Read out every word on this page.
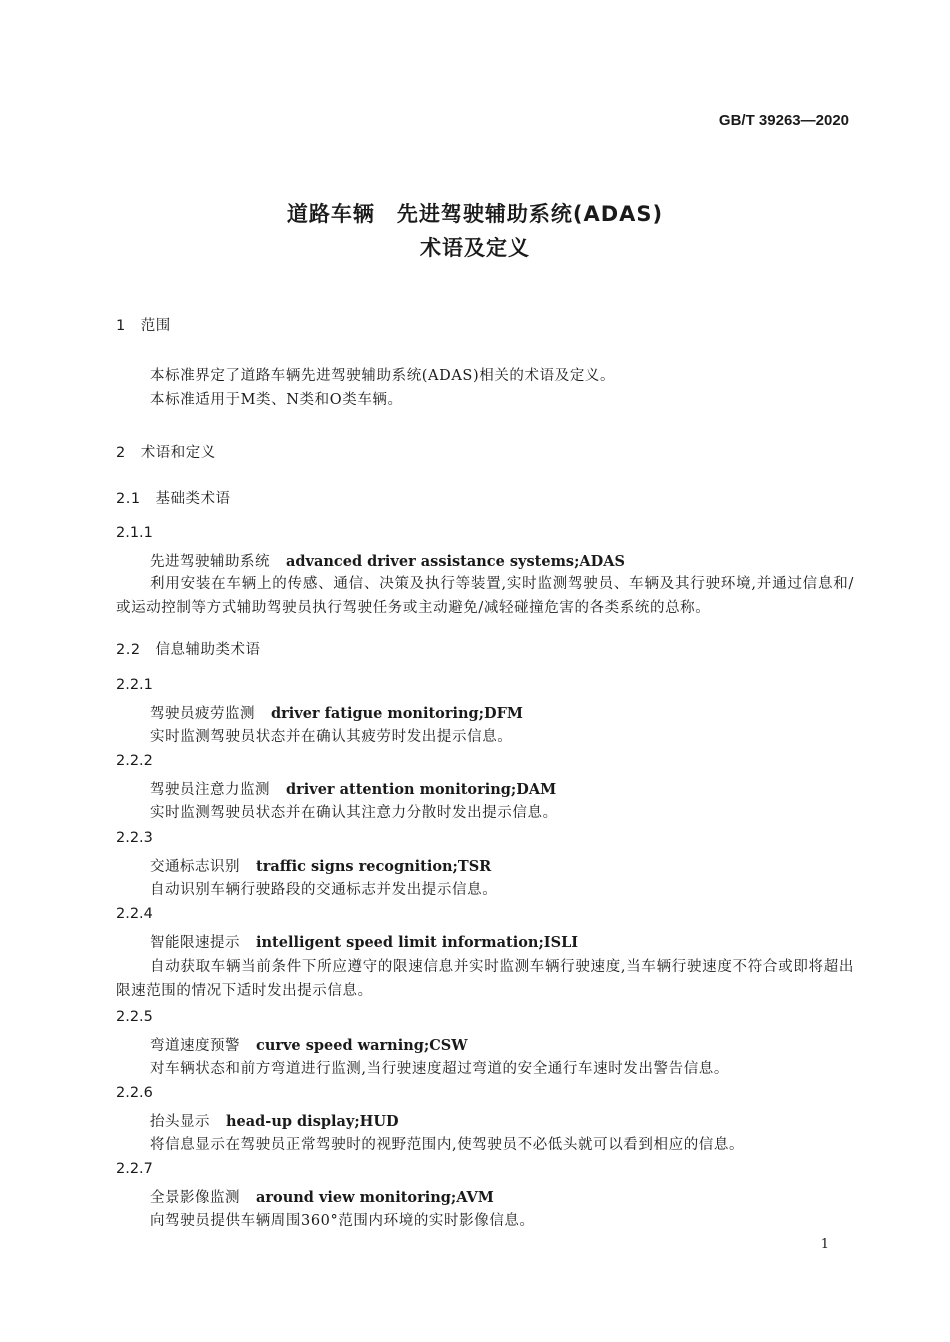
GB/T 39263—2020
道路车辆　先进驾驶辅助系统(ADAS)
术语及定义
1　范围
本标准界定了道路车辆先进驾驶辅助系统(ADAS)相关的术语及定义。
本标准适用于M类、N类和O类车辆。
2　术语和定义
2.1　基础类术语
2.1.1
先进驾驶辅助系统 advanced driver assistance systems;ADAS
利用安装在车辆上的传感、通信、决策及执行等装置,实时监测驾驶员、车辆及其行驶环境,并通过信息和/或运动控制等方式辅助驾驶员执行驾驶任务或主动避免/减轻碰撞危害的各类系统的总称。
2.2　信息辅助类术语
2.2.1
驾驶员疲劳监测 driver fatigue monitoring;DFM
实时监测驾驶员状态并在确认其疲劳时发出提示信息。
2.2.2
驾驶员注意力监测 driver attention monitoring;DAM
实时监测驾驶员状态并在确认其注意力分散时发出提示信息。
2.2.3
交通标志识别 traffic signs recognition;TSR
自动识别车辆行驶路段的交通标志并发出提示信息。
2.2.4
智能限速提示 intelligent speed limit information;ISLI
自动获取车辆当前条件下所应遵守的限速信息并实时监测车辆行驶速度,当车辆行驶速度不符合或即将超出限速范围的情况下适时发出提示信息。
2.2.5
弯道速度预警 curve speed warning;CSW
对车辆状态和前方弯道进行监测,当行驶速度超过弯道的安全通行车速时发出警告信息。
2.2.6
抬头显示 head-up display;HUD
将信息显示在驾驶员正常驾驶时的视野范围内,使驾驶员不必低头就可以看到相应的信息。
2.2.7
全景影像监测 around view monitoring;AVM
向驾驶员提供车辆周围360°范围内环境的实时影像信息。
1
